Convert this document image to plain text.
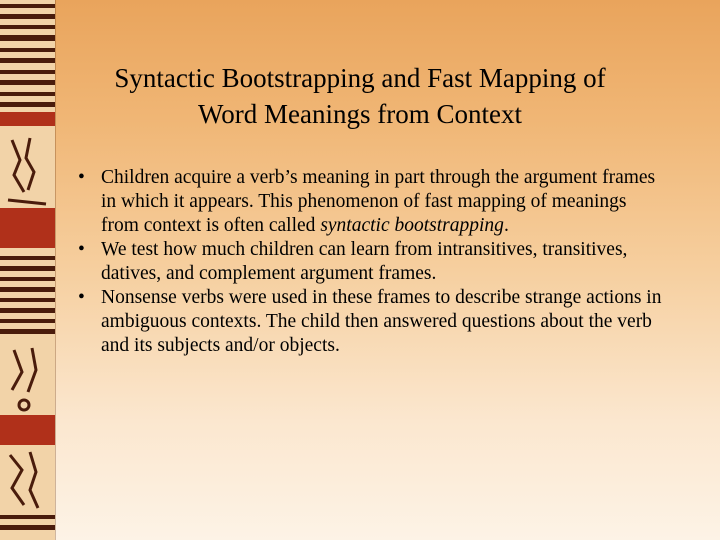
Syntactic Bootstrapping and Fast Mapping of
Word Meanings from Context
• Children acquire a verb’s meaning in part through the argument frames in which it appears. This phenomenon of fast mapping of meanings from context is often called syntactic bootstrapping.
• We test how much children can learn from intransitives, transitives, datives, and complement argument frames.
• Nonsense verbs were used in these frames to describe strange actions in ambiguous contexts. The child then answered questions about the verb and its subjects and/or objects.
